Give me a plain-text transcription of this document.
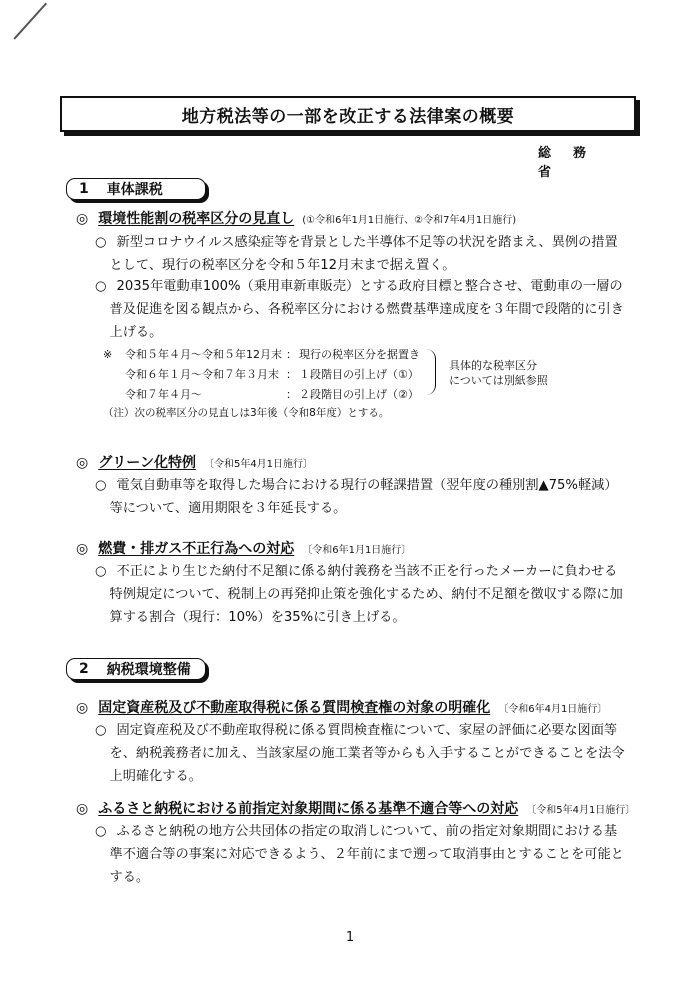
地方税法等の一部を改正する法律案の概要
総務省
1 車体課税
◎ 環境性能割の税率区分の見直し (①令和6年1月1日施行、②令和7年4月1日施行)
○ 新型コロナウイルス感染症等を背景とした半導体不足等の状況を踏まえ、異例の措置として、現行の税率区分を令和５年12月末まで据え置く。
○ 2035年電動車100%（乗用車新車販売）とする政府目標と整合させ、電動車の一層の普及促進を図る観点から、各税率区分における燃費基準達成度を３年間で段階的に引き上げる。
※ 令和５年４月～令和５年12月末 ： 現行の税率区分を据置き
令和６年１月～令和７年３月末 ： １段階目の引上げ（①）
令和７年４月～	： ２段階目の引上げ（②）
具体的な税率区分
については別紙参照
（注）次の税率区分の見直しは3年後（令和8年度）とする。
◎ グリーン化特例 〔令和5年4月1日施行〕
○ 電気自動車等を取得した場合における現行の軽課措置（翌年度の種別割▲75%軽減）等について、適用期限を３年延長する。
◎ 燃費・排ガス不正行為への対応 〔令和6年1月1日施行〕
○ 不正により生じた納付不足額に係る納付義務を当該不正を行ったメーカーに負わせる特例規定について、税制上の再発抑止策を強化するため、納付不足額を徴収する際に加算する割合（現行：10%）を35%に引き上げる。
2 納税環境整備
◎ 固定資産税及び不動産取得税に係る質問検査権の対象の明確化 〔令和6年4月1日施行〕
○ 固定資産税及び不動産取得税に係る質問検査権について、家屋の評価に必要な図面等を、納税義務者に加え、当該家屋の施工業者等からも入手することができることを法令上明確化する。
◎ ふるさと納税における前指定対象期間に係る基準不適合等への対応 〔令和5年4月1日施行〕
○ ふるさと納税の地方公共団体の指定の取消しについて、前の指定対象期間における基準不適合等の事案に対応できるよう、２年前にまで遡って取消事由とすることを可能とする。
1
